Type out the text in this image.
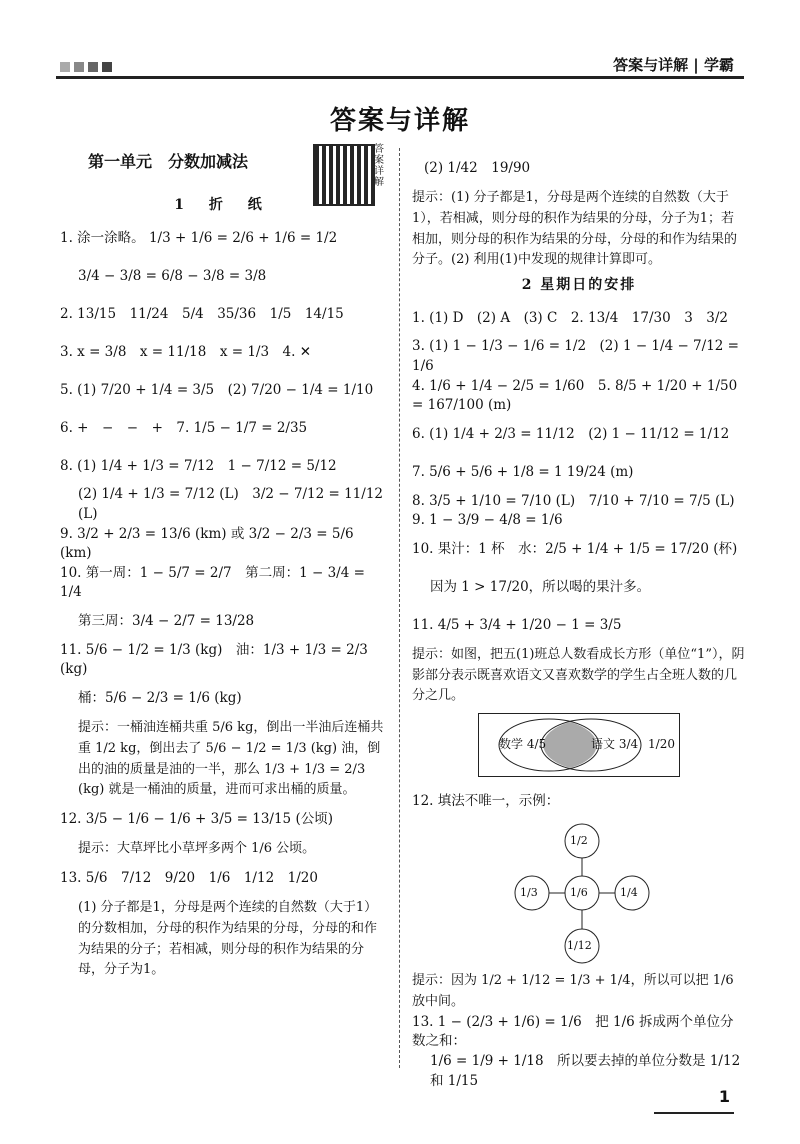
答案与详解 | 学霸
答案与详解
答案详解
第一单元　分数加减法
1 折 纸
1. 涂一涂略。
1/3 + 1/6 = 2/6 + 1/6 = 1/2
3/4 − 3/8 = 6/8 − 3/8 = 3/8
2. 13/15　11/24　5/4　35/36　1/5　14/15
3. x = 3/8　x = 11/18　x = 1/3　4. ✕
5. (1) 7/20 + 1/4 = 3/5　(2) 7/20 − 1/4 = 1/10
6. +　−　−　+　7. 1/5 − 1/7 = 2/35
8. (1) 1/4 + 1/3 = 7/12　1 − 7/12 = 5/12
(2) 1/4 + 1/3 = 7/12 (L)　3/2 − 7/12 = 11/12 (L)
9. 3/2 + 2/3 = 13/6 (km) 或 3/2 − 2/3 = 5/6 (km)
10. 第一周：1 − 5/7 = 2/7　第二周：1 − 3/4 = 1/4
第三周：3/4 − 2/7 = 13/28
11. 5/6 − 1/2 = 1/3 (kg)　油：1/3 + 1/3 = 2/3 (kg)
桶：5/6 − 2/3 = 1/6 (kg)
提示：一桶油连桶共重 5/6 kg，倒出一半油后连桶共重 1/2 kg，倒出去了 5/6 − 1/2 = 1/3 (kg) 油，倒出的油的质量是油的一半，那么 1/3 + 1/3 = 2/3 (kg) 就是一桶油的质量，进而可求出桶的质量。
12. 3/5 − 1/6 − 1/6 + 3/5 = 13/15 (公顷)
提示：大草坪比小草坪多两个 1/6 公顷。
13. 5/6　7/12　9/20　1/6　1/12　1/20
(1) 分子都是1，分母是两个连续的自然数（大于1）的分数相加，分母的积作为结果的分母，分母的和作为结果的分子；若相减，则分母的积作为结果的分母，分子为1。
(2) 1/42　19/90
提示：(1) 分子都是1，分母是两个连续的自然数（大于1），若相减，则分母的积作为结果的分母，分子为1；若相加，则分母的积作为结果的分母，分母的和作为结果的分子。(2) 利用(1)中发现的规律计算即可。
2 星期日的安排
1. (1) D　(2) A　(3) C　2. 13/4　17/30　3　3/2
3. (1) 1 − 1/3 − 1/6 = 1/2　(2) 1 − 1/4 − 7/12 = 1/6
4. 1/6 + 1/4 − 2/5 = 1/60　5. 8/5 + 1/20 + 1/50 = 167/100 (m)
6. (1) 1/4 + 2/3 = 11/12　(2) 1 − 11/12 = 1/12
7. 5/6 + 5/6 + 1/8 = 1 19/24 (m)
8. 3/5 + 1/10 = 7/10 (L)　7/10 + 7/10 = 7/5 (L)　9. 1 − 3/9 − 4/8 = 1/6
10. 果汁：1 杯　水：2/5 + 1/4 + 1/5 = 17/20 (杯)
因为 1 > 17/20，所以喝的果汁多。
11. 4/5 + 3/4 + 1/20 − 1 = 3/5
提示：如图，把五(1)班总人数看成长方形（单位“1”），阴影部分表示既喜欢语文又喜欢数学的学生占全班人数的几分之几。
数学 4/5	语文 3/4 1/20
12. 填法不唯一，示例：
1/2
1/3	1/6	1/4
1/12
提示：因为 1/2 + 1/12 = 1/3 + 1/4，所以可以把 1/6 放中间。
13. 1 − (2/3 + 1/6) = 1/6　把 1/6 拆成两个单位分数之和：
1/6 = 1/9 + 1/18　所以要去掉的单位分数是 1/12 和 1/15
1
